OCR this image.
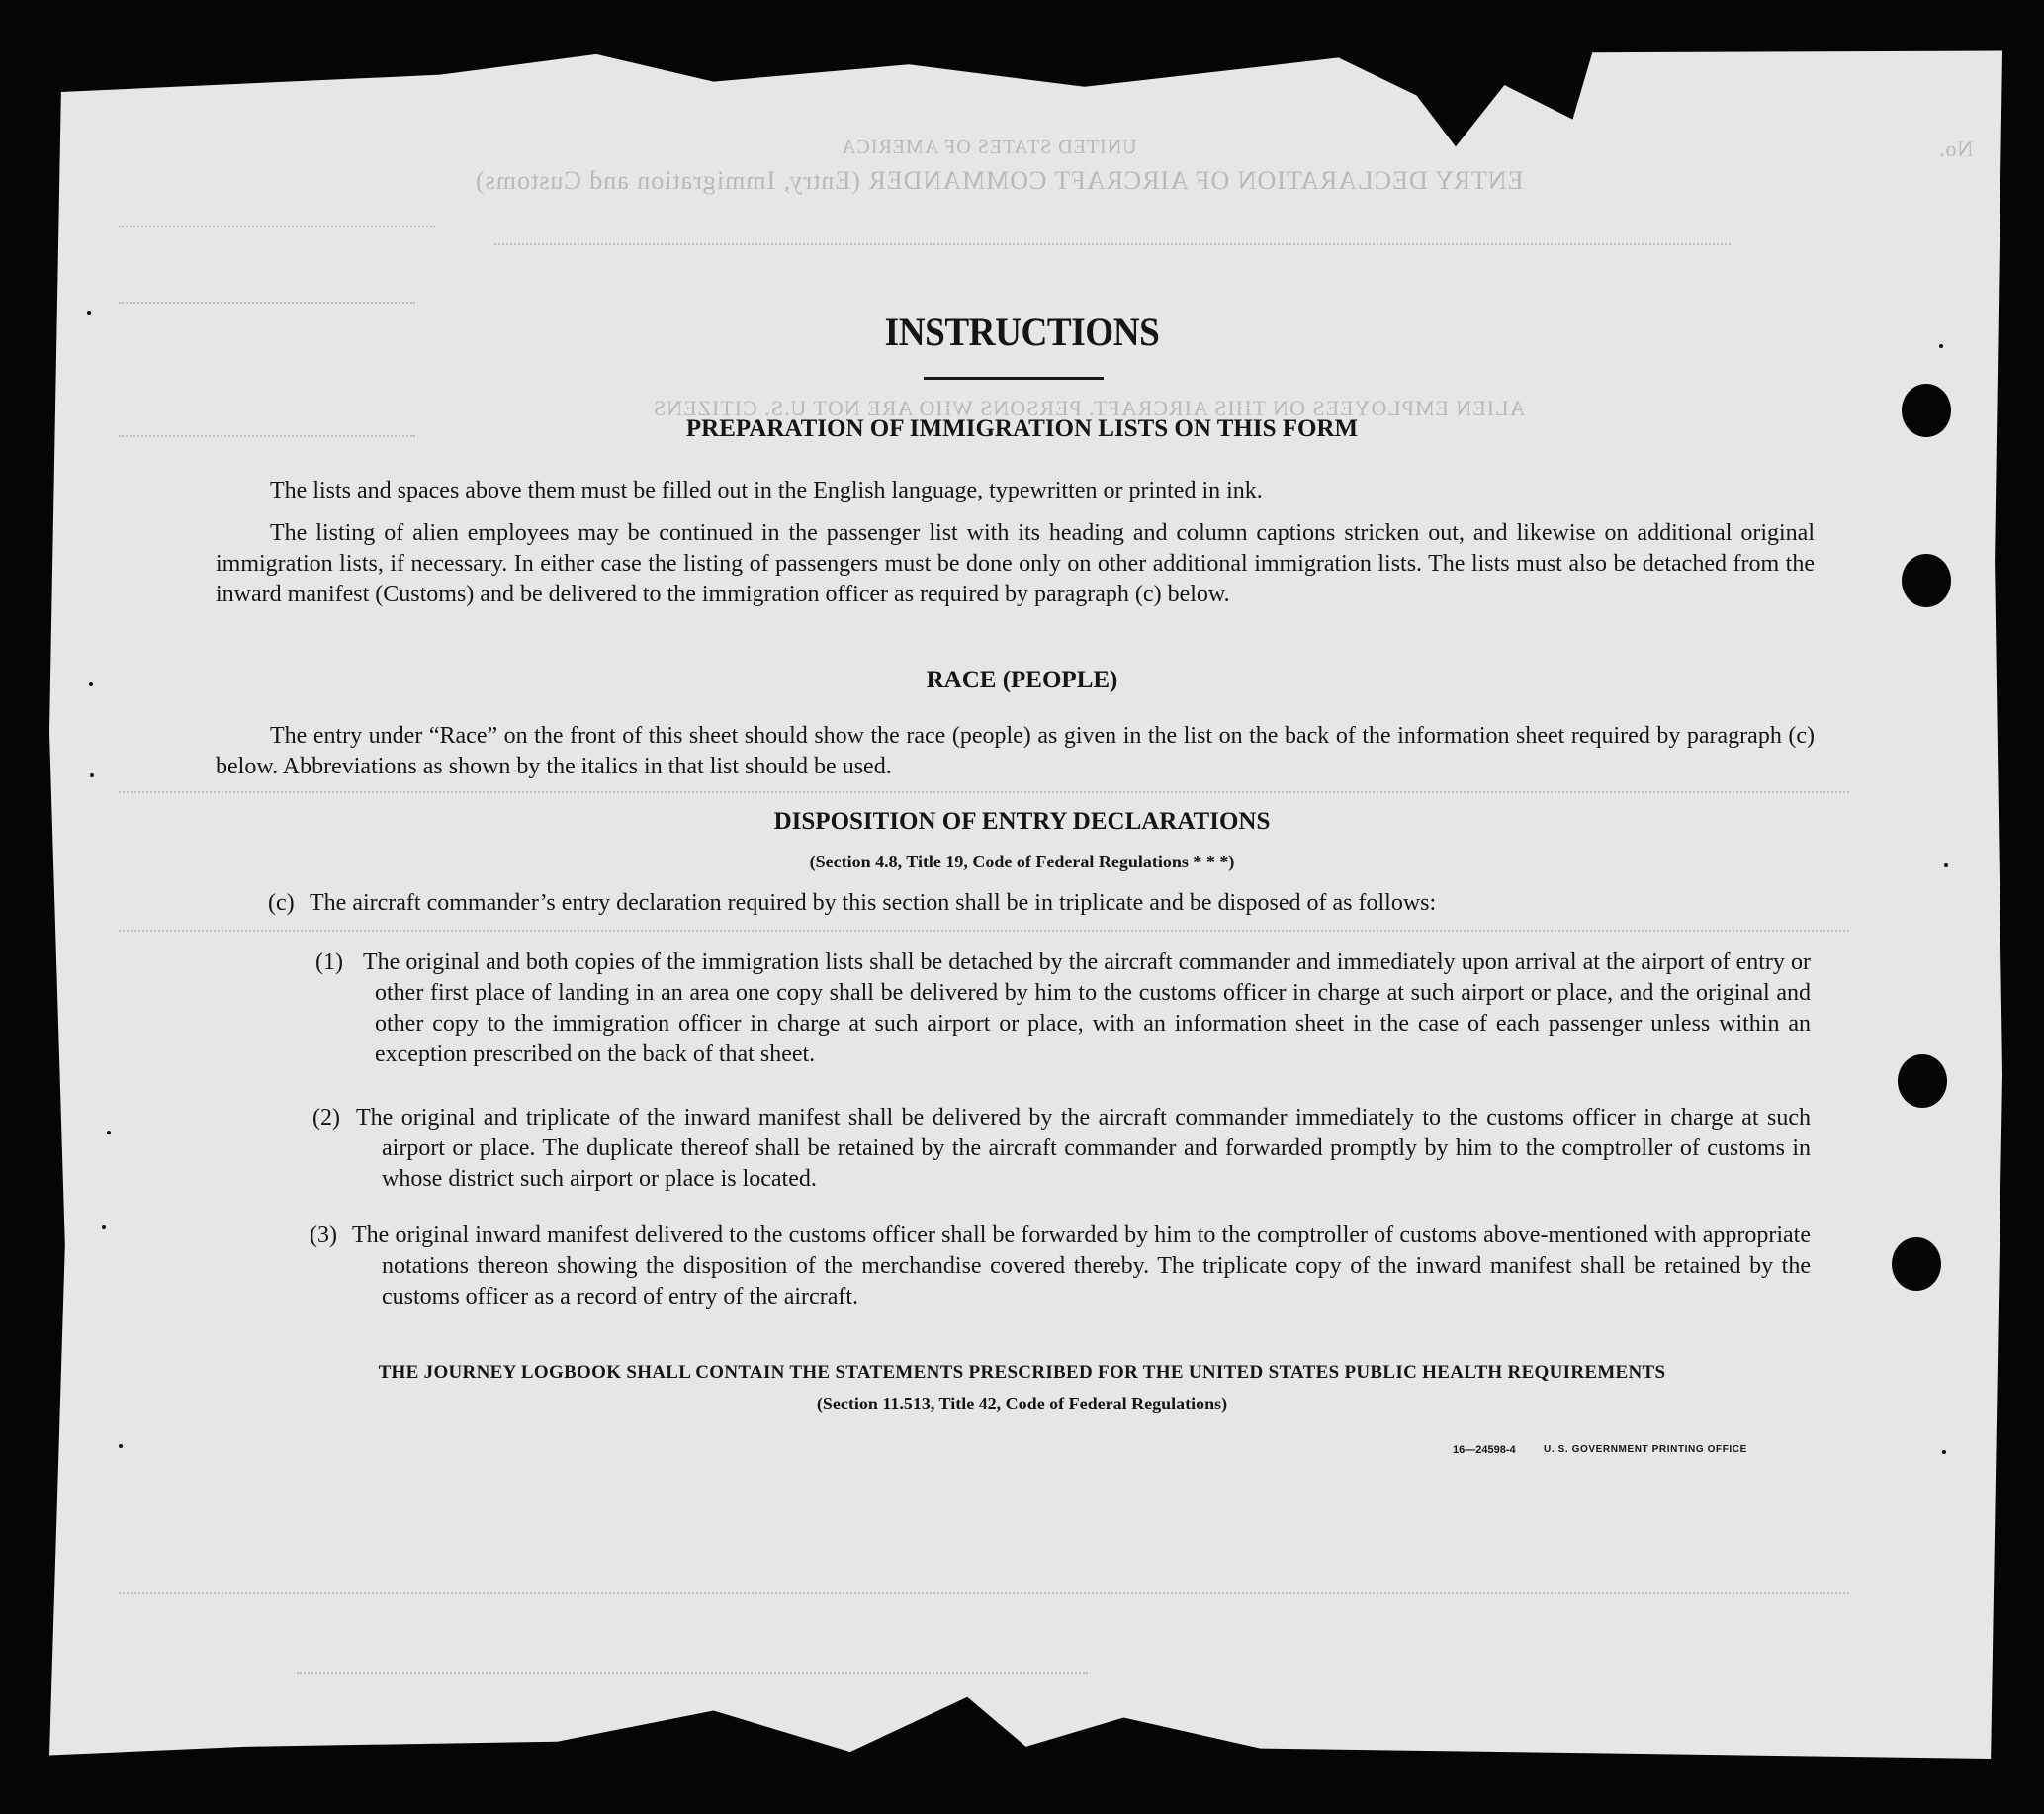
UNITED STATES OF AMERICA
ENTRY DECLARATION OF AIRCRAFT COMMANDER (Entry, Immigration and Customs)
No.
ALIEN EMPLOYEES ON THIS AIRCRAFT. PERSONS WHO ARE NOT U.S. CITIZENS
INSTRUCTIONS
PREPARATION OF IMMIGRATION LISTS ON THIS FORM

The lists and spaces above them must be filled out in the English language, typewritten or printed in ink.

The listing of alien employees may be continued in the passenger list with its heading and column captions stricken out, and likewise on additional original immigration lists, if necessary. In either case the listing of passengers must be done only on other additional immigration lists. The lists must also be detached from the inward manifest (Customs) and be delivered to the immigration officer as required by paragraph (c) below.

RACE (PEOPLE)

The entry under “Race” on the front of this sheet should show the race (people) as given in the list on the back of the information sheet required by paragraph (c) below. Abbreviations as shown by the italics in that list should be used.

DISPOSITION OF ENTRY DECLARATIONS
(Section 4.8, Title 19, Code of Federal Regulations * * *)
(c) The aircraft commander’s entry declaration required by this section shall be in triplicate and be disposed of as follows:
(1) The original and both copies of the immigration lists shall be detached by the aircraft commander and immediately upon arrival at the airport of entry or other first place of landing in an area one copy shall be delivered by him to the customs officer in charge at such airport or place, and the original and other copy to the immigration officer in charge at such airport or place, with an information sheet in the case of each passenger unless within an exception prescribed on the back of that sheet.
(2) The original and triplicate of the inward manifest shall be delivered by the aircraft commander immediately to the customs officer in charge at such airport or place. The duplicate thereof shall be retained by the aircraft commander and forwarded promptly by him to the comptroller of customs in whose district such airport or place is located.
(3) The original inward manifest delivered to the customs officer shall be forwarded by him to the comptroller of customs above-mentioned with appropriate notations thereon showing the disposition of the merchandise covered thereby. The triplicate copy of the inward manifest shall be retained by the customs officer as a record of entry of the aircraft.
THE JOURNEY LOGBOOK SHALL CONTAIN THE STATEMENTS PRESCRIBED FOR THE UNITED STATES PUBLIC HEALTH REQUIREMENTS
(Section 11.513, Title 42, Code of Federal Regulations)
16—24598-4	U. S. GOVERNMENT PRINTING OFFICE
